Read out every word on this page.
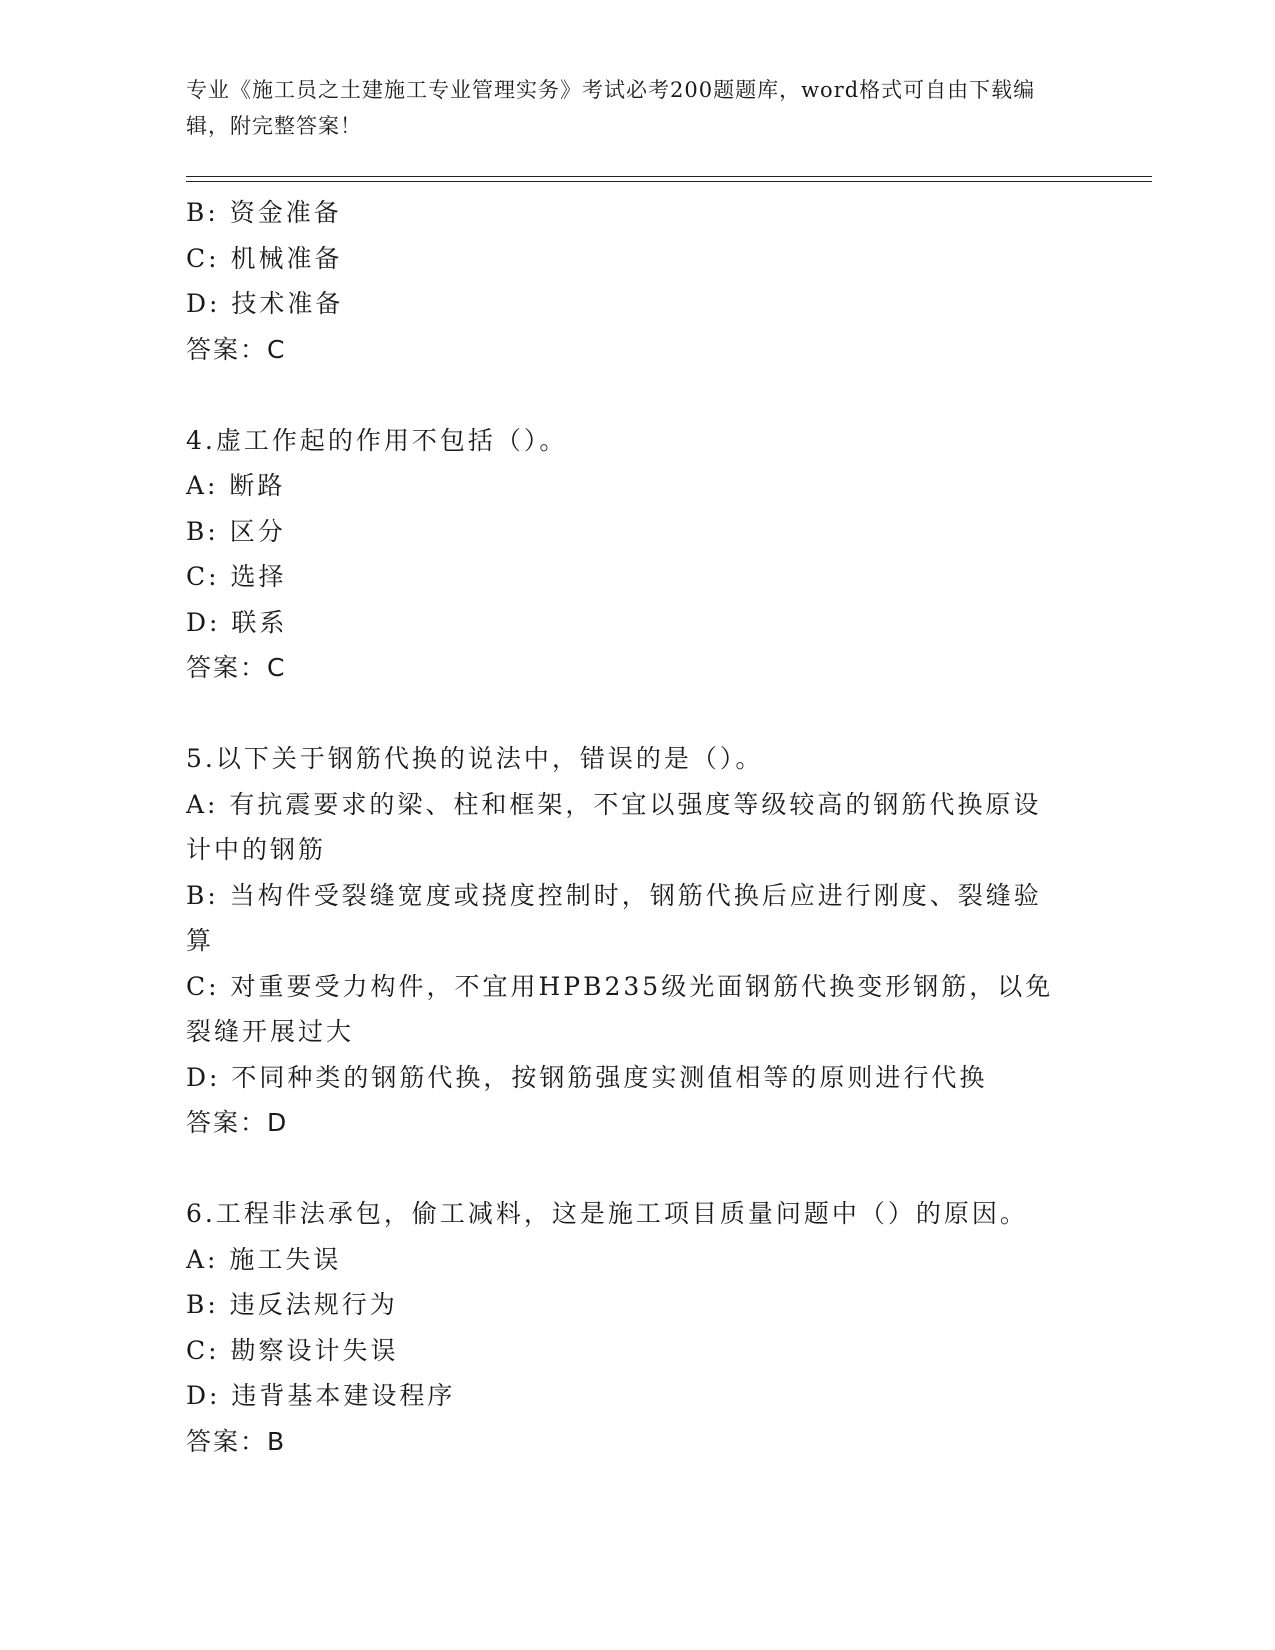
专业《施工员之土建施工专业管理实务》考试必考200题题库，word格式可自由下载编辑，附完整答案！
B: 资金准备
C: 机械准备
D: 技术准备
答案：C
4.虚工作起的作用不包括（）。
A: 断路
B: 区分
C: 选择
D: 联系
答案：C
5.以下关于钢筋代换的说法中，错误的是（）。
A: 有抗震要求的梁、柱和框架，不宜以强度等级较高的钢筋代换原设计中的钢筋
B: 当构件受裂缝宽度或挠度控制时，钢筋代换后应进行刚度、裂缝验算
C: 对重要受力构件，不宜用HPB235级光面钢筋代换变形钢筋，以免裂缝开展过大
D: 不同种类的钢筋代换，按钢筋强度实测值相等的原则进行代换
答案：D
6.工程非法承包，偷工减料，这是施工项目质量问题中（）的原因。
A: 施工失误
B: 违反法规行为
C: 勘察设计失误
D: 违背基本建设程序
答案：B
